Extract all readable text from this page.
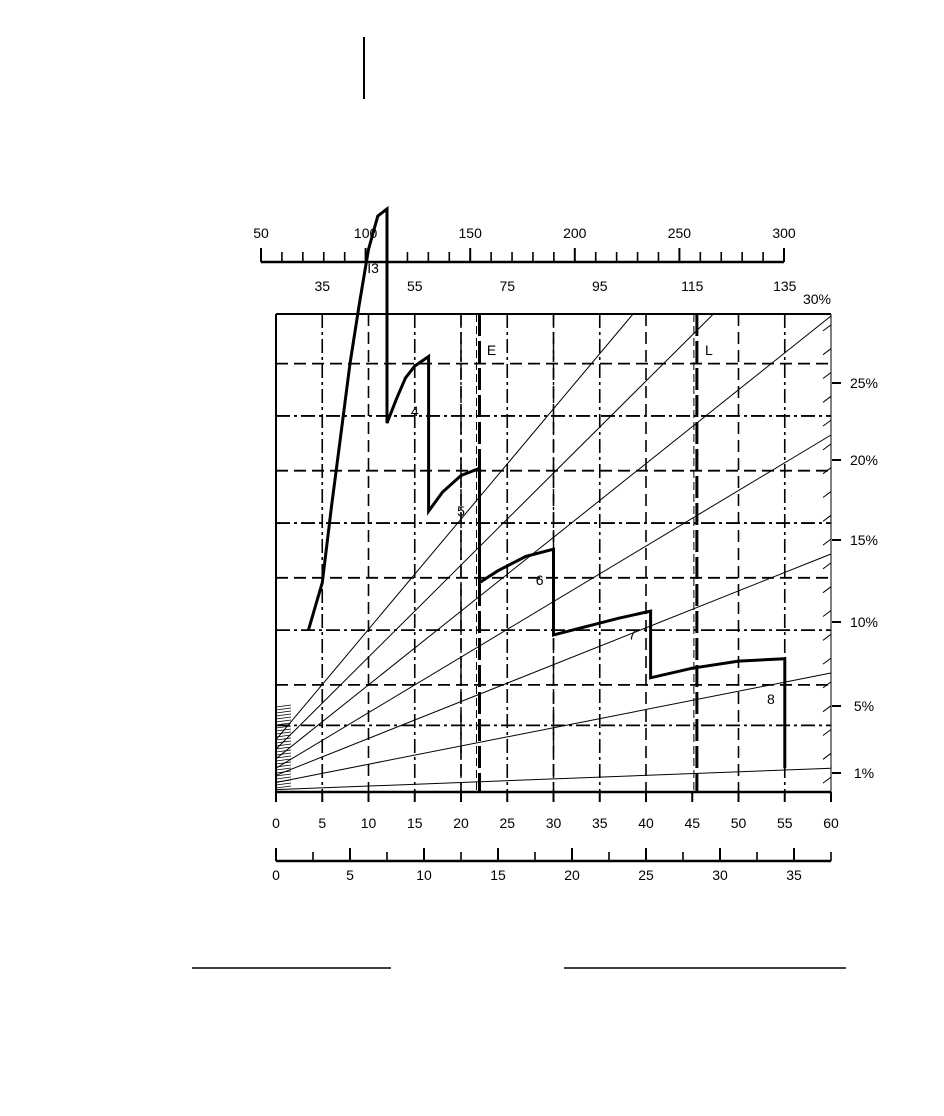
50	100	150	200	250	300
35	55	75	95	115	135
1%
5%
10%
15%
20%
25%
30%
E	L
I3
4
5
6
7
8
0	5 10 15 20 25 30 35 40 45 50 55 60
0	5	10	15	20	25	30	35
